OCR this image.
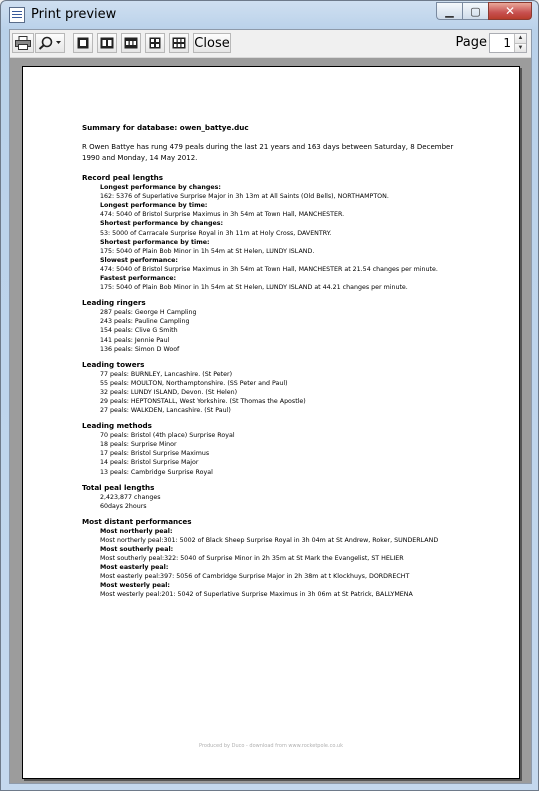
Print preview	▁ ▢ ✕
Close	Page
1	▲
▼
Summary for database: owen_battye.duc
R Owen Battye has rung 479 peals during the last 21 years and 163 days between Saturday, 8 December 1990 and Monday, 14 May 2012.
Record peal lengths
Longest performance by changes:
162: 5376 of Superlative Surprise Major in 3h 13m at All Saints (Old Bells), NORTHAMPTON.
Longest performance by time:
474: 5040 of Bristol Surprise Maximus in 3h 54m at Town Hall, MANCHESTER.
Shortest performance by changes:
53: 5000 of Carracale Surprise Royal in 3h 11m at Holy Cross, DAVENTRY.
Shortest performance by time:
175: 5040 of Plain Bob Minor in 1h 54m at St Helen, LUNDY ISLAND.
Slowest performance:
474: 5040 of Bristol Surprise Maximus in 3h 54m at Town Hall, MANCHESTER at 21.54 changes per minute.
Fastest performance:
175: 5040 of Plain Bob Minor in 1h 54m at St Helen, LUNDY ISLAND at 44.21 changes per minute.
Leading ringers
287 peals: George H Campling
243 peals: Pauline Campling
154 peals: Clive G Smith
141 peals: Jennie Paul
136 peals: Simon D Woof
Leading towers
77 peals: BURNLEY, Lancashire. (St Peter)
55 peals: MOULTON, Northamptonshire. (SS Peter and Paul)
32 peals: LUNDY ISLAND, Devon. (St Helen)
29 peals: HEPTONSTALL, West Yorkshire. (St Thomas the Apostle)
27 peals: WALKDEN, Lancashire. (St Paul)
Leading methods
70 peals: Bristol (4th place) Surprise Royal
18 peals: Surprise Minor
17 peals: Bristol Surprise Maximus
14 peals: Bristol Surprise Major
13 peals: Cambridge Surprise Royal
Total peal lengths
2,423,877 changes
60days 2hours
Most distant performances
Most northerly peal:
Most northerly peal:301: 5002 of Black Sheep Surprise Royal in 3h 04m at St Andrew, Roker, SUNDERLAND
Most southerly peal:
Most southerly peal:322: 5040 of Surprise Minor in 2h 35m at St Mark the Evangelist, ST HELIER
Most easterly peal:
Most easterly peal:397: 5056 of Cambridge Surprise Major in 2h 38m at t Klockhuys, DORDRECHT
Most westerly peal:
Most westerly peal:201: 5042 of Superlative Surprise Maximus in 3h 06m at St Patrick, BALLYMENA
Produced by Duco - download from www.rocketpole.co.uk
